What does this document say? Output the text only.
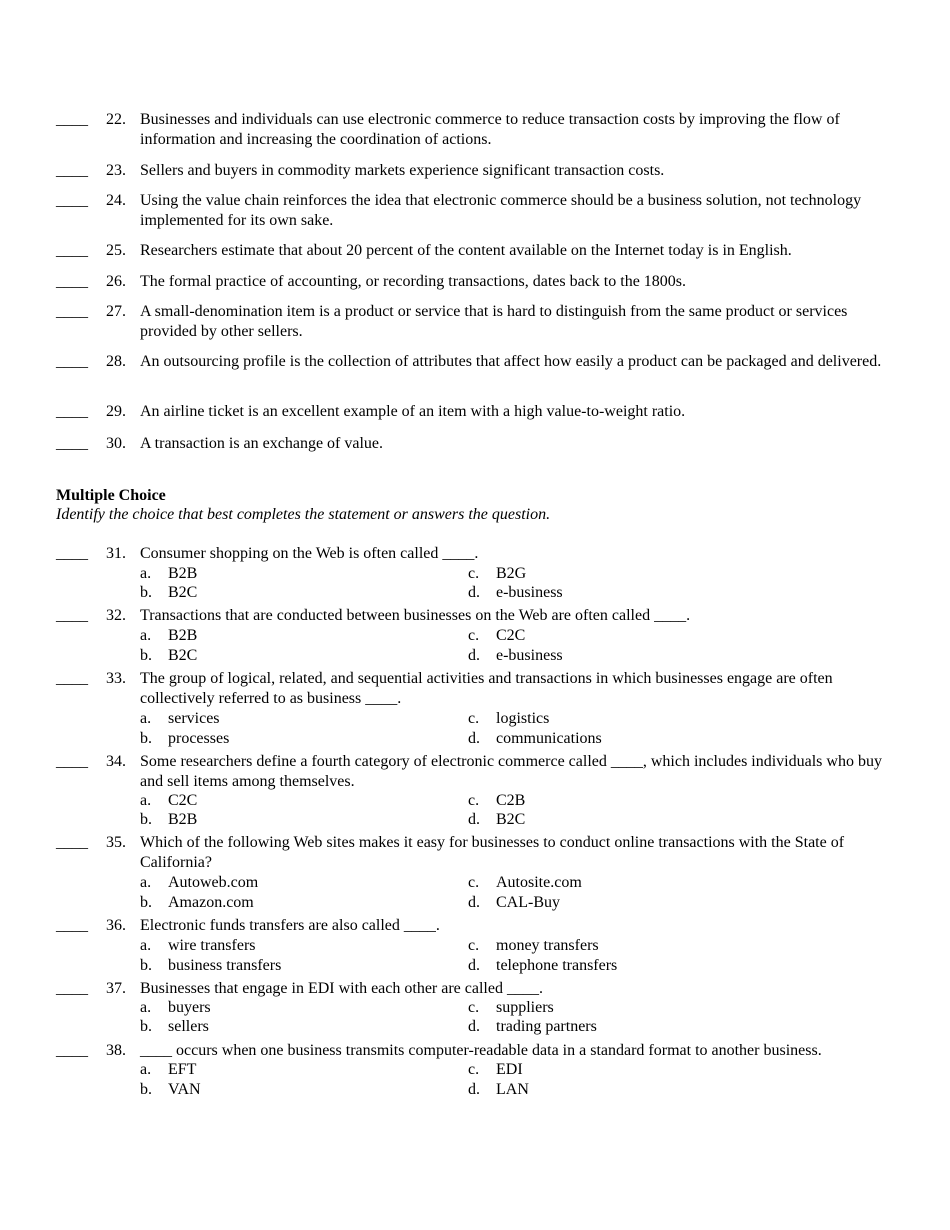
____	22. Businesses and individuals can use electronic commerce to reduce transaction costs by improving the flow of information and increasing the coordination of actions.
____	23. Sellers and buyers in commodity markets experience significant transaction costs.
____	24. Using the value chain reinforces the idea that electronic commerce should be a business solution, not technology implemented for its own sake.
____	25. Researchers estimate that about 20 percent of the content available on the Internet today is in English.
____	26. The formal practice of accounting, or recording transactions, dates back to the 1800s.
____	27. A small-denomination item is a product or service that is hard to distinguish from the same product or services provided by other sellers.
____	28. An outsourcing profile is the collection of attributes that affect how easily a product can be packaged and delivered.
____	29. An airline ticket is an excellent example of an item with a high value-to-weight ratio.
____	30. A transaction is an exchange of value.
Multiple Choice
Identify the choice that best completes the statement or answers the question.
____	31. Consumer shopping on the Web is often called ____.
a.	B2B
b.	B2C
c.	B2G
d.	e-business
____	32. Transactions that are conducted between businesses on the Web are often called ____.
a.	B2B
b.	B2C
c.	C2C
d.	e-business
____	33. The group of logical, related, and sequential activities and transactions in which businesses engage are often collectively referred to as business ____.
a.	services
b.	processes
c.	logistics
d.	communications
____	34. Some researchers define a fourth category of electronic commerce called ____, which includes individuals who buy and sell items among themselves.
a.	C2C
b.	B2B
c.	C2B
d.	B2C
____	35. Which of the following Web sites makes it easy for businesses to conduct online transactions with the State of California?
a.	Autoweb.com
b.	Amazon.com
c.	Autosite.com
d.	CAL-Buy
____	36. Electronic funds transfers are also called ____.
a.	wire transfers
b.	business transfers
c.	money transfers
d.	telephone transfers
____	37. Businesses that engage in EDI with each other are called ____.
a.	buyers
b.	sellers
c.	suppliers
d.	trading partners
____	38. ____ occurs when one business transmits computer-readable data in a standard format to another business.
a.	EFT
b.	VAN
c.	EDI
d.	LAN
